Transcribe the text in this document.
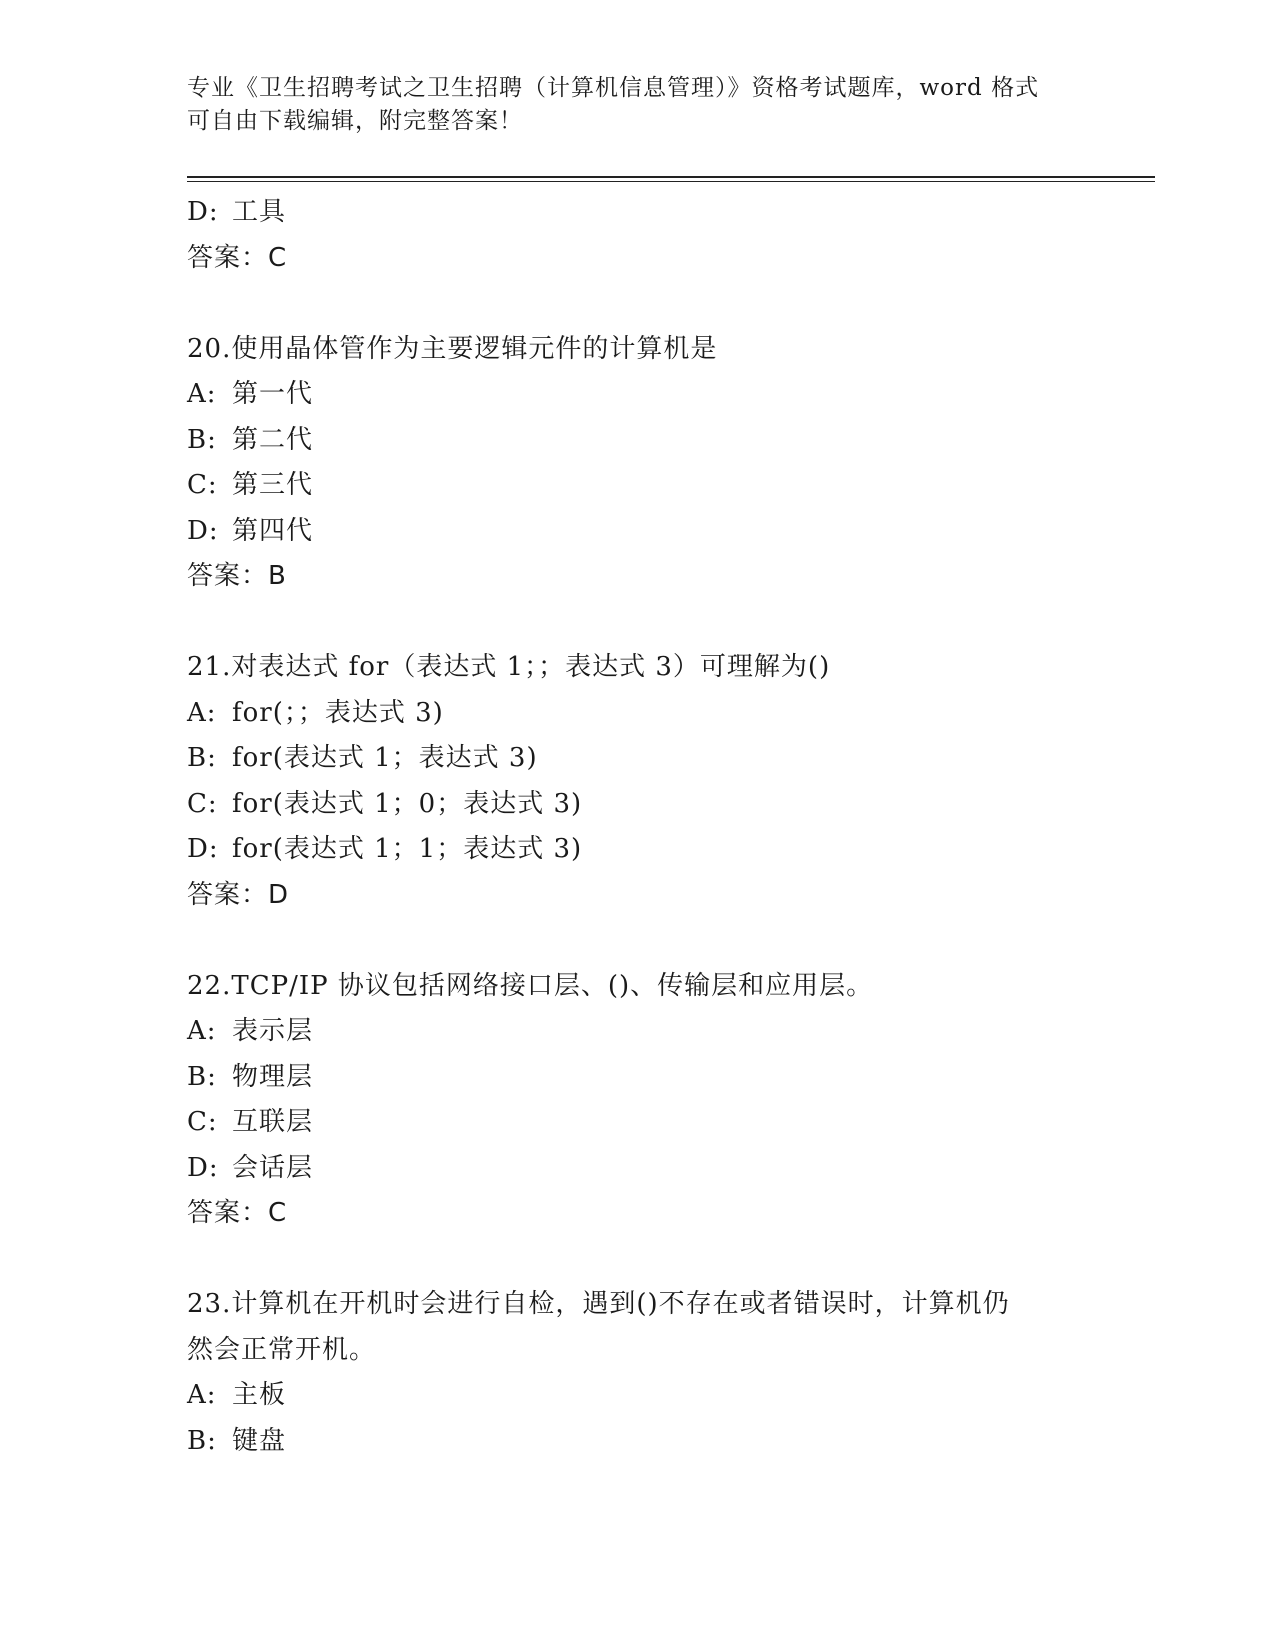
专业《卫生招聘考试之卫生招聘（计算机信息管理）》资格考试题库，word 格式
可自由下载编辑，附完整答案！
D: 工具
答案：C
20.使用晶体管作为主要逻辑元件的计算机是
A: 第一代
B: 第二代
C: 第三代
D: 第四代
答案：B
21.对表达式 for（表达式 1；；表达式 3）可理解为()
A: for(；；表达式 3)
B: for(表达式 1；表达式 3)
C: for(表达式 1；0；表达式 3)
D: for(表达式 1；1；表达式 3)
答案：D
22.TCP/IP 协议包括网络接口层、()、传输层和应用层。
A: 表示层
B: 物理层
C: 互联层
D: 会话层
答案：C
23.计算机在开机时会进行自检，遇到()不存在或者错误时，计算机仍
然会正常开机。
A: 主板
B: 键盘
